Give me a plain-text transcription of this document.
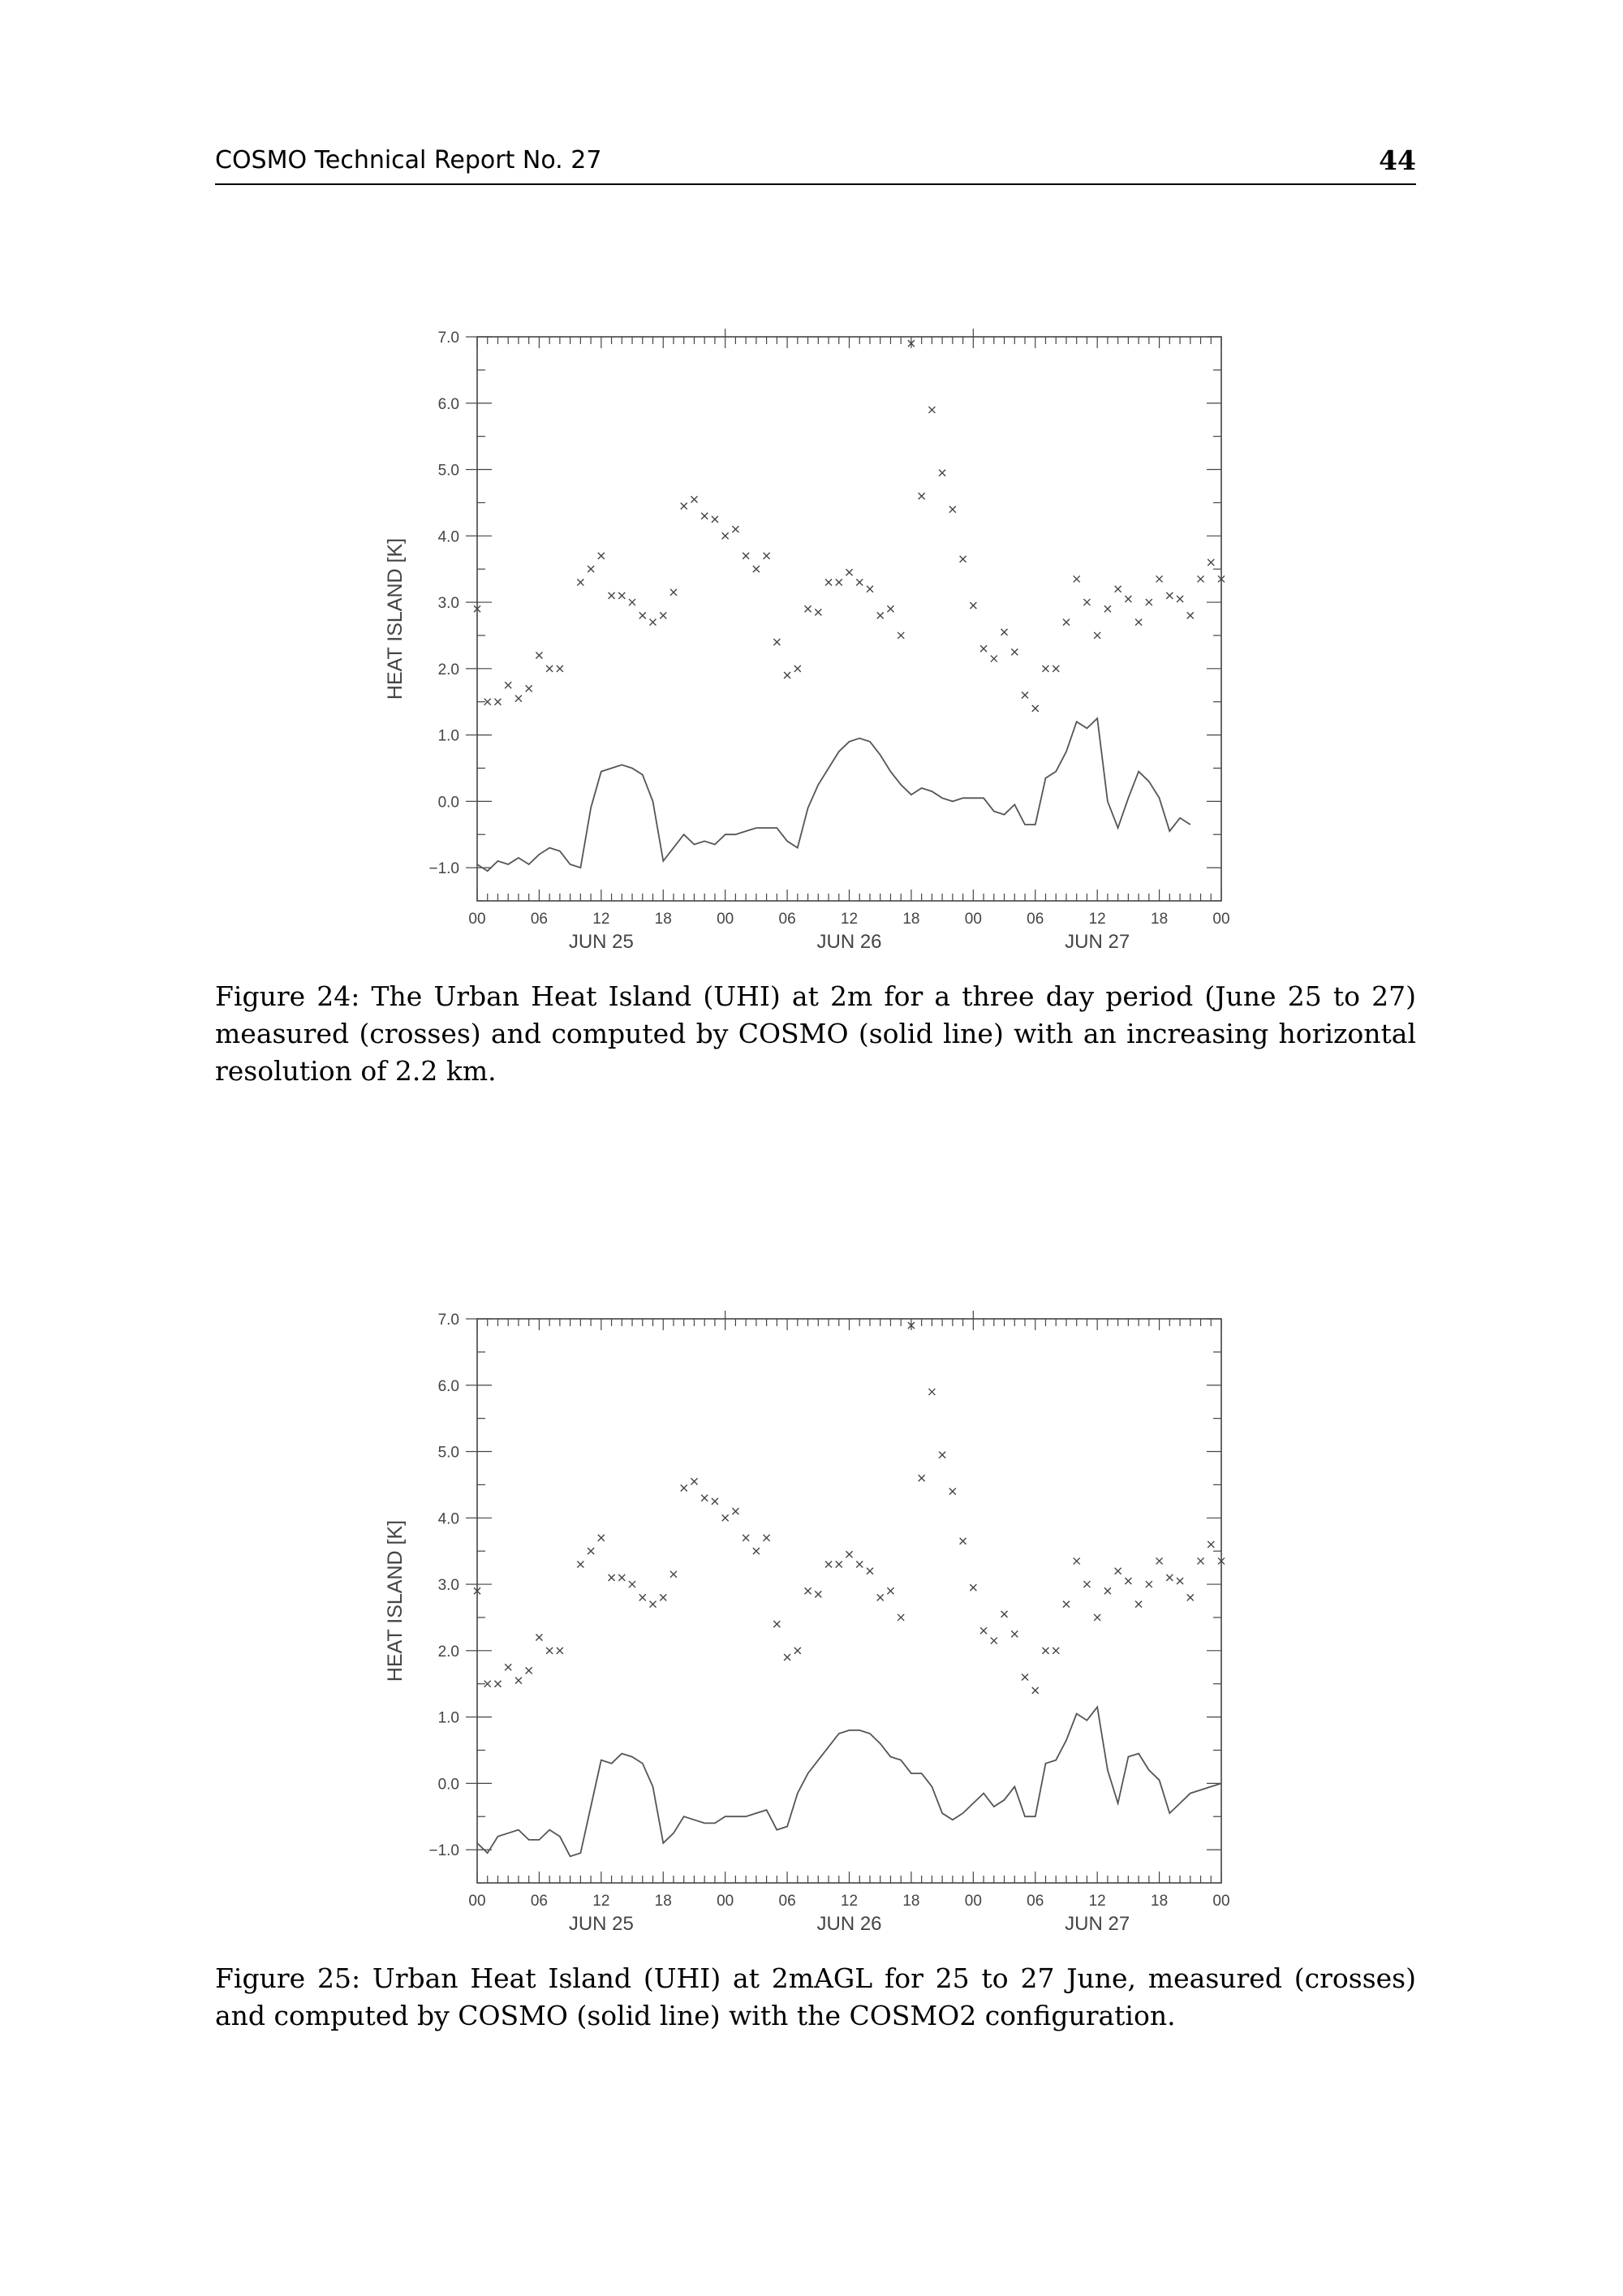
COSMO Technical Report No. 27	44
7.0
6.0
5.0
4.0
3.0
2.0
1.0
0.0
−1.0
00	06	12	18	00	06	12	18	00	06	12	18	00
JUN 25	JUN 26	JUN 27
HEAT ISLAND [K]
Figure 24: The Urban Heat Island (UHI) at 2m for a three day period (June 25 to 27) measured (crosses) and computed by COSMO (solid line) with an increasing horizontal resolution of 2.2 km.
7.0
6.0
5.0
4.0
3.0
2.0
1.0
0.0
−1.0
00	06	12	18	00	06	12	18	00	06	12	18	00
JUN 25	JUN 26	JUN 27
HEAT ISLAND [K]
Figure 25: Urban Heat Island (UHI) at 2mAGL for 25 to 27 June, measured (crosses) and computed by COSMO (solid line) with the COSMO2 configuration.
